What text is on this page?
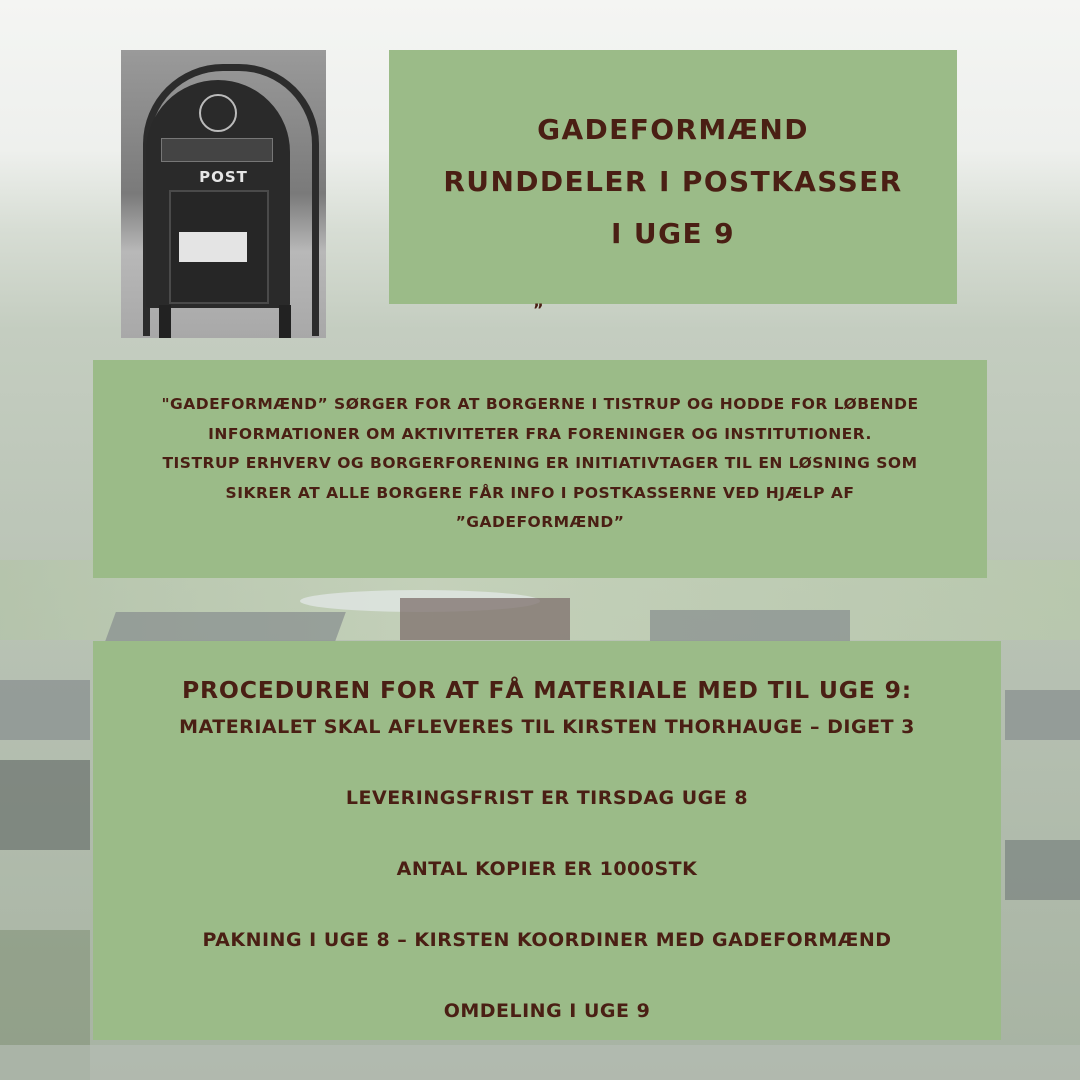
POST
GADEFORMÆND
RUNDDELER I POSTKASSER
I UGE 9
”
"GADEFORMÆND” SØRGER FOR AT BORGERNE I TISTRUP OG HODDE FOR LØBENDE
INFORMATIONER OM AKTIVITETER FRA FORENINGER OG INSTITUTIONER.
TISTRUP ERHVERV OG BORGERFORENING ER INITIATIVTAGER TIL EN LØSNING SOM
SIKRER AT ALLE BORGERE FÅR INFO I POSTKASSERNE VED HJÆLP AF
”GADEFORMÆND”
PROCEDUREN FOR AT FÅ MATERIALE MED TIL UGE 9:
MATERIALET SKAL AFLEVERES TIL KIRSTEN THORHAUGE – DIGET 3
LEVERINGSFRIST ER TIRSDAG UGE 8
ANTAL KOPIER ER 1000STK
PAKNING I UGE 8 – KIRSTEN KOORDINER MED GADEFORMÆND
OMDELING I UGE 9
